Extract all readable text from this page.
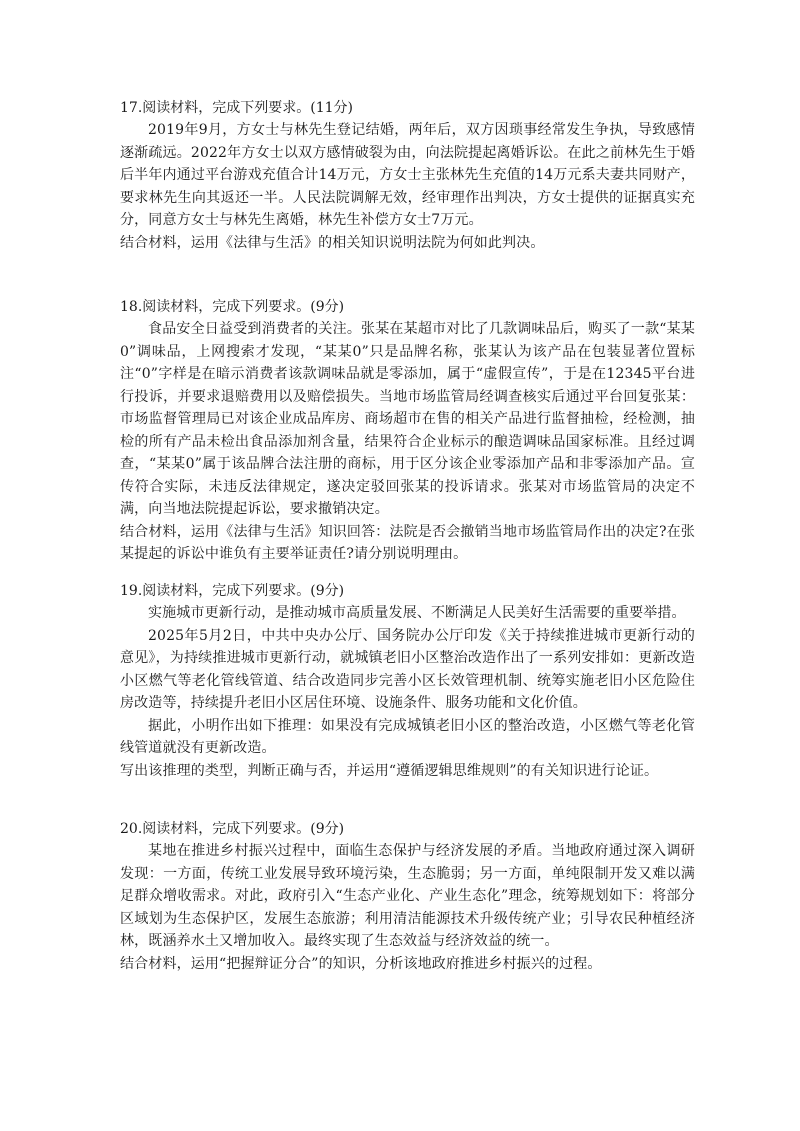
17.阅读材料，完成下列要求。(11分)

2019年9月，方女士与林先生登记结婚，两年后，双方因琐事经常发生争执，导致感情逐渐疏远。2022年方女士以双方感情破裂为由，向法院提起离婚诉讼。在此之前林先生于婚后半年内通过平台游戏充值合计14万元，方女士主张林先生充值的14万元系夫妻共同财产，要求林先生向其返还一半。人民法院调解无效，经审理作出判决，方女士提供的证据真实充分，同意方女士与林先生离婚，林先生补偿方女士7万元。

结合材料，运用《法律与生活》的相关知识说明法院为何如此判决。

18.阅读材料，完成下列要求。(9分)

食品安全日益受到消费者的关注。张某在某超市对比了几款调味品后，购买了一款“某某0”调味品，上网搜索才发现，“某某0”只是品牌名称，张某认为该产品在包装显著位置标注“0”字样是在暗示消费者该款调味品就是零添加，属于“虚假宣传”，于是在12345平台进行投诉，并要求退赔费用以及赔偿损失。当地市场监管局经调查核实后通过平台回复张某：市场监督管理局已对该企业成品库房、商场超市在售的相关产品进行监督抽检，经检测，抽检的所有产品未检出食品添加剂含量，结果符合企业标示的酿造调味品国家标准。且经过调查，“某某0”属于该品牌合法注册的商标，用于区分该企业零添加产品和非零添加产品。宣传符合实际，未违反法律规定，遂决定驳回张某的投诉请求。张某对市场监管局的决定不满，向当地法院提起诉讼，要求撤销决定。

结合材料，运用《法律与生活》知识回答：法院是否会撤销当地市场监管局作出的决定?在张某提起的诉讼中谁负有主要举证责任?请分别说明理由。

19.阅读材料，完成下列要求。(9分)

实施城市更新行动，是推动城市高质量发展、不断满足人民美好生活需要的重要举措。

2025年5月2日，中共中央办公厅、国务院办公厅印发《关于持续推进城市更新行动的意见》，为持续推进城市更新行动，就城镇老旧小区整治改造作出了一系列安排如：更新改造小区燃气等老化管线管道、结合改造同步完善小区长效管理机制、统筹实施老旧小区危险住房改造等，持续提升老旧小区居住环境、设施条件、服务功能和文化价值。

据此，小明作出如下推理：如果没有完成城镇老旧小区的整治改造，小区燃气等老化管线管道就没有更新改造。

写出该推理的类型，判断正确与否，并运用“遵循逻辑思维规则”的有关知识进行论证。

20.阅读材料，完成下列要求。(9分)

某地在推进乡村振兴过程中，面临生态保护与经济发展的矛盾。当地政府通过深入调研发现：一方面，传统工业发展导致环境污染，生态脆弱；另一方面，单纯限制开发又难以满足群众增收需求。对此，政府引入“生态产业化、产业生态化”理念，统筹规划如下：将部分区域划为生态保护区，发展生态旅游；利用清洁能源技术升级传统产业；引导农民种植经济林，既涵养水土又增加收入。最终实现了生态效益与经济效益的统一。

结合材料，运用“把握辩证分合”的知识，分析该地政府推进乡村振兴的过程。
